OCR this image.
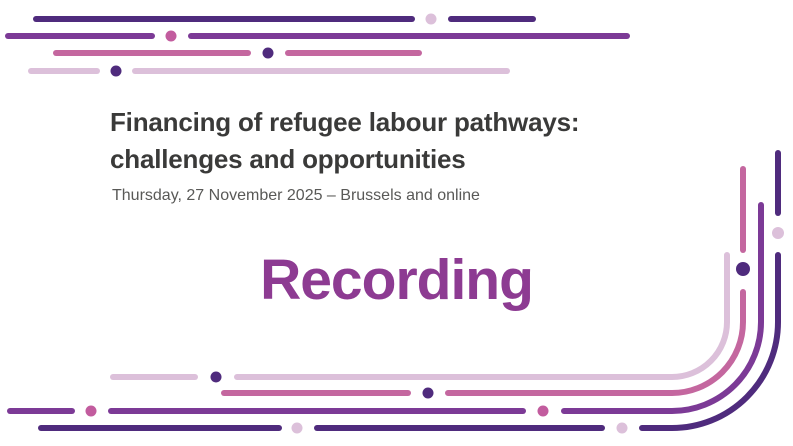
Financing of refugee labour pathways:
challenges and opportunities
Thursday, 27 November 2025 – Brussels and online
Recording
